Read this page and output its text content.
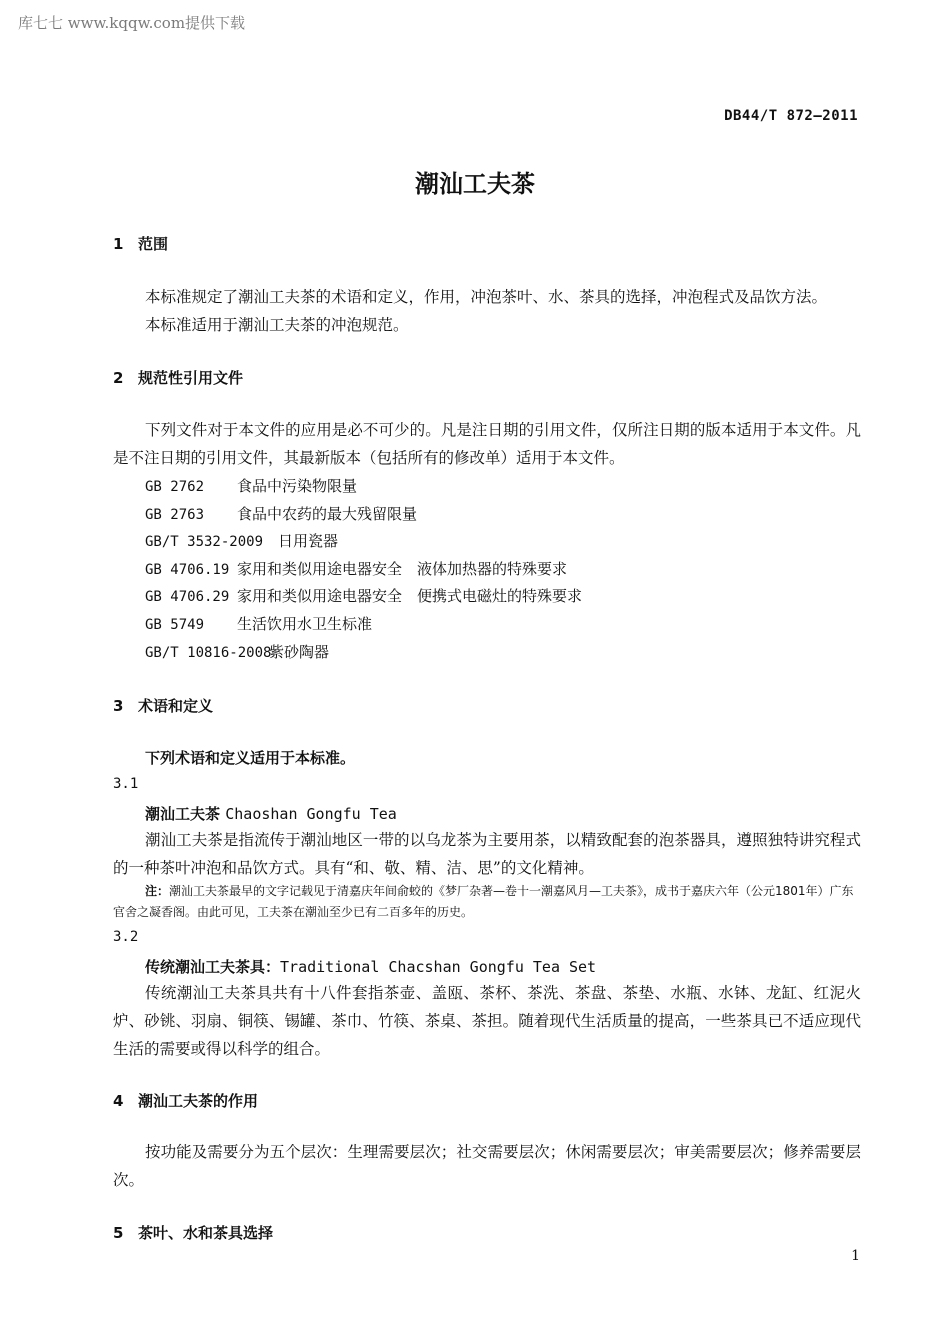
库七七 www.kqqw.com提供下载
DB44/T 872—2011
潮汕工夫茶
1 范围
本标准规定了潮汕工夫茶的术语和定义，作用，冲泡茶叶、水、茶具的选择，冲泡程式及品饮方法。
本标准适用于潮汕工夫茶的冲泡规范。
2 规范性引用文件
下列文件对于本文件的应用是必不可少的。凡是注日期的引用文件，仅所注日期的版本适用于本文件。凡是不注日期的引用文件，其最新版本（包括所有的修改单）适用于本文件。
GB 2762 食品中污染物限量
GB 2763 食品中农药的最大残留限量
GB/T 3532-2009 日用瓷器
GB 4706.19 家用和类似用途电器安全　液体加热器的特殊要求
GB 4706.29 家用和类似用途电器安全　便携式电磁灶的特殊要求
GB 5749 生活饮用水卫生标准
GB/T 10816-2008紫砂陶器
3 术语和定义
下列术语和定义适用于本标准。
3.1
潮汕工夫茶 Chaoshan Gongfu Tea
潮汕工夫茶是指流传于潮汕地区一带的以乌龙茶为主要用茶，以精致配套的泡茶器具，遵照独特讲究程式的一种茶叶冲泡和品饮方式。具有“和、敬、精、洁、思”的文化精神。
注：潮汕工夫茶最早的文字记载见于清嘉庆年间俞蛟的《梦厂杂著—卷十一潮嘉风月—工夫茶》，成书于嘉庆六年（公元1801年）广东官舍之凝香阁。由此可见，工夫茶在潮汕至少已有二百多年的历史。
3.2
传统潮汕工夫茶具：Traditional Chacshan Gongfu Tea Set
传统潮汕工夫茶具共有十八件套指茶壶、盖瓯、茶杯、茶洗、茶盘、茶垫、水瓶、水钵、龙缸、红泥火炉、砂铫、羽扇、铜筷、锡罐、茶巾、竹筷、茶桌、茶担。随着现代生活质量的提高，一些茶具已不适应现代生活的需要或得以科学的组合。
4 潮汕工夫茶的作用
按功能及需要分为五个层次：生理需要层次；社交需要层次；休闲需要层次；审美需要层次；修养需要层次。
5 茶叶、水和茶具选择
1
